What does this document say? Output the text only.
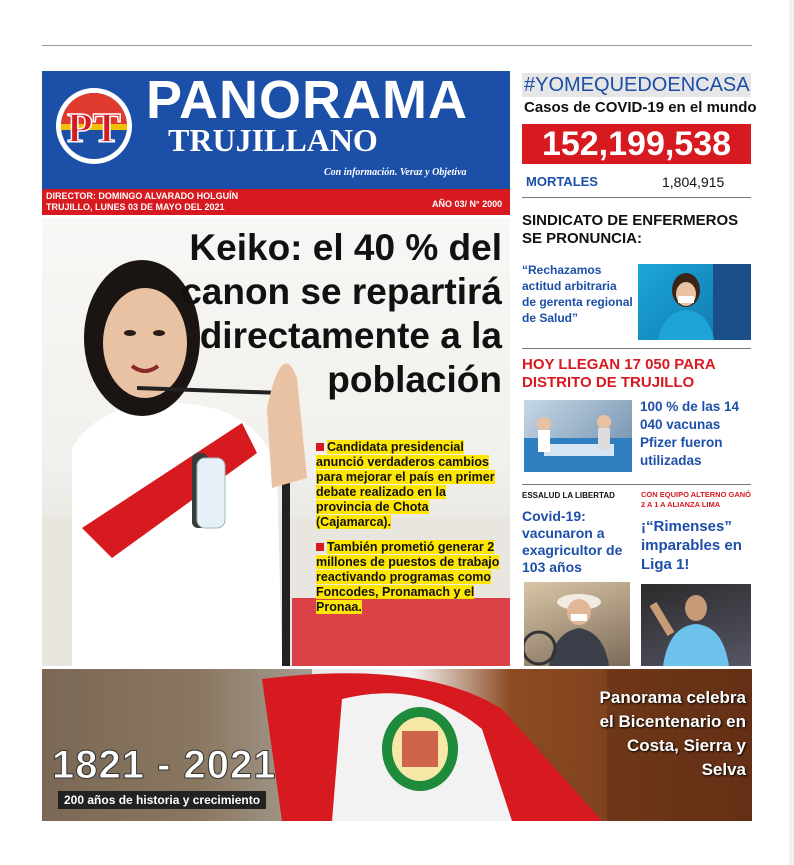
PT PANORAMA
TRUJILLANO
Con información. Veraz y Objetiva
DIRECTOR: DOMINGO ALVARADO HOLGUÍN
TRUJILLO, LUNES 03 DE MAYO DEL 2021	AÑO 03/ N° 2000
Keiko: el 40 % del canon se repartirá directamente a la población

Candidata presidencial anunció verdaderos cambios para mejorar el país en primer debate realizado en la provincia de Chota (Cajamarca).

También prometió generar 2 millones de puestos de trabajo reactivando programas como Foncodes, Pronamach y el Pronaa.

#YOMEQUEDOENCASA
Casos de COVID-19 en el mundo
152,199,538
MORTALES	1,804,915
SINDICATO DE ENFERMEROS SE PRONUNCIA:
“Rechazamos actitud arbitraria de gerenta regional de Salud”
HOY LLEGAN 17 050 PARA DISTRITO DE TRUJILLO
100 % de las 14 040 vacunas Pfizer fueron utilizadas
ESSALUD LA LIBERTAD
Covid-19: vacunaron a exagricultor de 103 años
CON EQUIPO ALTERNO GANÓ 2 A 1 A ALIANZA LIMA
¡“Rimenses” imparables en Liga 1!
1821 - 2021
200 años de historia y crecimiento
Panorama celebra el Bicentenario en Costa, Sierra y Selva
